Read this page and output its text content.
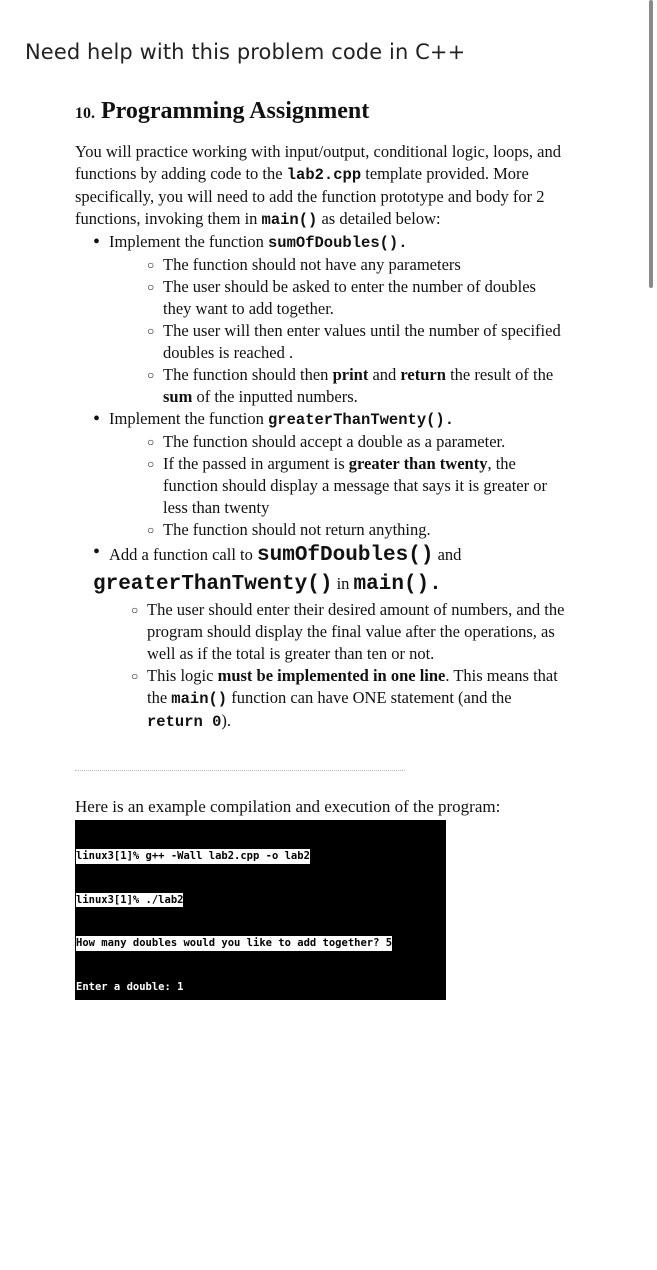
Need help with this problem code in C++
10. Programming Assignment

You will practice working with input/output, conditional logic, loops, and functions by adding code to the lab2.cpp template provided. More specifically, you will need to add the function prototype and body for 2 functions, invoking them in main() as detailed below:

• Implement the function sumOfDoubles().
○ The function should not have any parameters
○ The user should be asked to enter the number of doubles they want to add together.
○ The user will then enter values until the number of specified doubles is reached .
○ The function should then print and return the result of the sum of the inputted numbers.
• Implement the function greaterThanTwenty().
○ The function should accept a double as a parameter.
○ If the passed in argument is greater than twenty, the function should display a message that says it is greater or less than twenty
○ The function should not return anything.
• Add a function call to sumOfDoubles() and
greaterThanTwenty() in main().
○ The user should enter their desired amount of numbers, and the program should display the final value after the operations, as well as if the total is greater than ten or not.
○ This logic must be implemented in one line. This means that the main() function can have ONE statement (and the return 0).
Here is an example compilation and execution of the program:

linux3[1]% g++ -Wall lab2.cpp -o lab2

linux3[1]% ./lab2

How many doubles would you like to add together? 5

Enter a double: 1

Enter a double: 9

Enter a double: 1

Enter a double: -10

Enter a double: 11

Sum: 12

12 is greater than 10!
